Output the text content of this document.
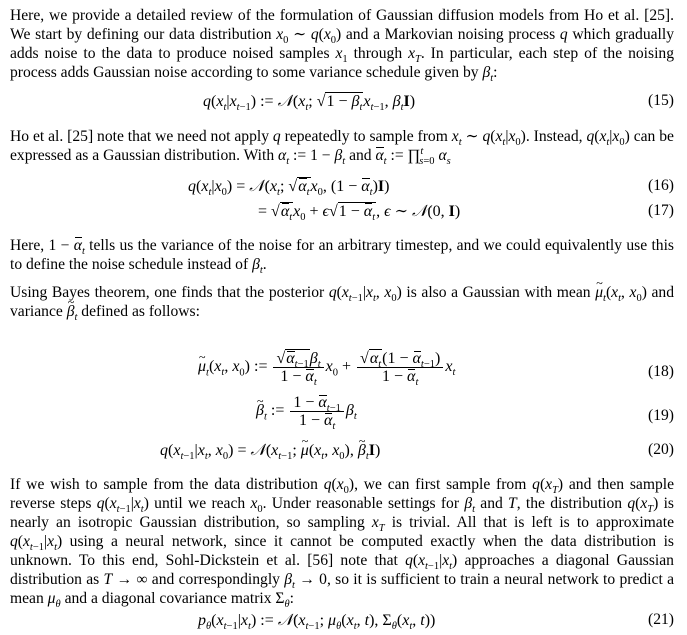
Here, we provide a detailed review of the formulation of Gaussian diffusion models from Ho et al. [25]. We start by defining our data distribution $x_0$ ∼ $q(x_0)$ and a Markovian noising process q which gradually adds noise to the data to produce noised samples $x_1$ through $x_T$. In particular, each step of the noising process adds Gaussian noise according to some variance schedule given by $\beta_t$:

$q(x_t|x_{t-1})$ := $𝒩(x_t$; $√1 - \beta_tx_{t-1}$, $\beta_tI$)	(15)

Ho et al. [25] note that we need not apply q repeatedly to sample from $x_t$ ∼ $q(x_t|x_0)$. Instead, $q(x_t|x_0)$ can be expressed as a Gaussian distribution. With $\alpha_t$ := $1 - \beta_t$ and $\alpha_t$ := ∏$^t_{s=0}$ $\alpha_s$

$q(x_t|x_0)$ = $𝒩(x_t$; $√\alpha_tx_0$, $(1 - \alpha_t)I$)	(16)
= $√\alpha_tx_0 + \epsilon√1 - \alpha_t$, ϵ ∼ 𝒩(0, I)	(17)

Here, $1 - \alpha_t$ tells us the variance of the noise for an arbitrary timestep, and we could equivalently use this to define the noise schedule instead of $\beta_t$.

Using Bayes theorem, one finds that the posterior $q(x_{t-1}|x_t$, $x_0$) is also a Gaussian with mean ~ $\mu_t(x_t$, $x_0$) and variance ~ $\beta_t$ defined as follows:

~ $\mu_t(x_t$, $x_0$) := $\frac{√\alpha_{t-1}\beta_t}{1 - \alpha_t} x_0 + \frac{√\alpha_t(1 - \alpha_{t-1})}{1 - \alpha_t} x_t$	(18)
~ $\beta_t$ := $\frac{1 - \alpha_{t-1}}{1 - \alpha_t} \beta_t$	(19)
$q(x_{t-1}|x_t$, $x_0$) = $𝒩(x_{t-1}$; ~ $\mu(x_t$, $x_0$), ~ $\beta_tI$)	(20)

If we wish to sample from the data distribution $q(x_0)$, we can first sample from $q(x_T)$ and then sample reverse steps $q(x_{t-1}|x_t)$ until we reach $x_0$. Under reasonable settings for $\beta_t$ and T, the distribution $q(x_T)$ is nearly an isotropic Gaussian distribution, so sampling $x_T$ is trivial. All that is left is to approximate $q(x_{t-1}|x_t)$ using a neural network, since it cannot be computed exactly when the data distribution is unknown. To this end, Sohl-Dickstein et al. [56] note that $q(x_{t-1}|x_t)$ approaches a diagonal Gaussian distribution as T → ∞ and correspondingly $\beta_t \to 0$, so it is sufficient to train a neural network to predict a mean $\mu_\theta$ and a diagonal covariance matrix $\Sigma_\theta$:

$p_\theta(x_{t-1}|x_t)$ := $𝒩(x_{t-1}$; $\mu_\theta(x_t$, t), $\Sigma_\theta(x_t$, t))	(21)
